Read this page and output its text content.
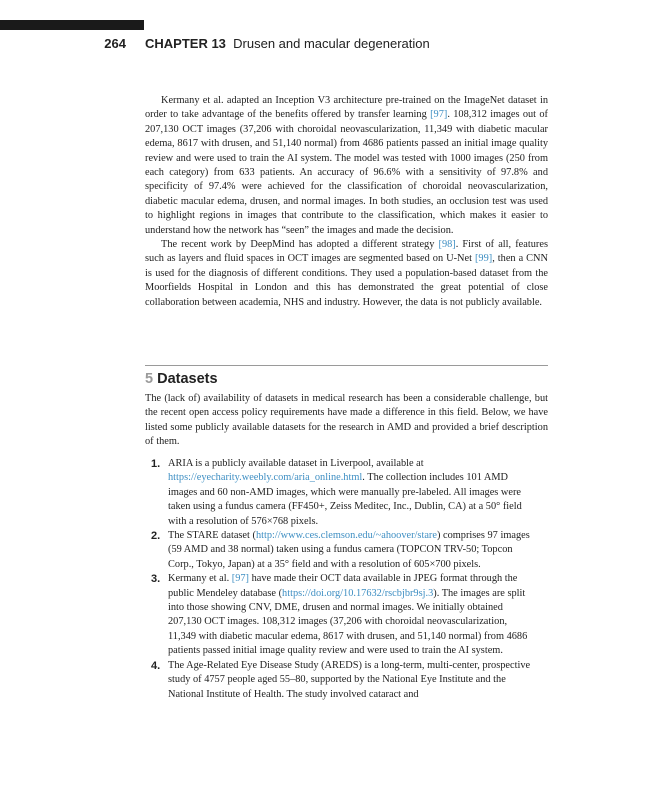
264 CHAPTER 13 Drusen and macular degeneration

Kermany et al. adapted an Inception V3 architecture pre-trained on the ImageNet dataset in order to take advantage of the benefits offered by transfer learning [97]. 108,312 images out of 207,130 OCT images (37,206 with choroidal neovascularization, 11,349 with diabetic macular edema, 8617 with drusen, and 51,140 normal) from 4686 patients passed an initial image quality review and were used to train the AI system. The model was tested with 1000 images (250 from each category) from 633 patients. An accuracy of 96.6% with a sensitivity of 97.8% and specificity of 97.4% were achieved for the classification of choroidal neovascularization, diabetic macular edema, drusen, and normal images. In both studies, an occlusion test was used to highlight regions in images that contribute to the classification, which makes it easier to understand how the network has “seen” the images and made the decision.

The recent work by DeepMind has adopted a different strategy [98]. First of all, features such as layers and fluid spaces in OCT images are segmented based on U-Net [99], then a CNN is used for the diagnosis of different conditions. They used a population-based dataset from the Moorfields Hospital in London and this has demonstrated the great potential of close collaboration between academia, NHS and industry. However, the data is not publicly available.

5 Datasets

The (lack of) availability of datasets in medical research has been a considerable challenge, but the recent open access policy requirements have made a difference in this field. Below, we have listed some publicly available datasets for the research in AMD and provided a brief description of them.

1. ARIA is a publicly available dataset in Liverpool, available at https://eyecharity.weebly.com/aria_online.html. The collection includes 101 AMD images and 60 non-AMD images, which were manually pre-labeled. All images were taken using a fundus camera (FF450+, Zeiss Meditec, Inc., Dublin, CA) at a 50° field with a resolution of 576×768 pixels.
2. The STARE dataset (http://www.ces.clemson.edu/~ahoover/stare) comprises 97 images (59 AMD and 38 normal) taken using a fundus camera (TOPCON TRV-50; Topcon Corp., Tokyo, Japan) at a 35° field and with a resolution of 605×700 pixels.
3. Kermany et al. [97] have made their OCT data available in JPEG format through the public Mendeley database (https://doi.org/10.17632/rscbjbr9sj.3). The images are split into those showing CNV, DME, drusen and normal images. We initially obtained 207,130 OCT images. 108,312 images (37,206 with choroidal neovascularization, 11,349 with diabetic macular edema, 8617 with drusen, and 51,140 normal) from 4686 patients passed initial image quality review and were used to train the AI system.
4. The Age-Related Eye Disease Study (AREDS) is a long-term, multi-center, prospective study of 4757 people aged 55–80, supported by the National Eye Institute and the National Institute of Health. The study involved cataract and
